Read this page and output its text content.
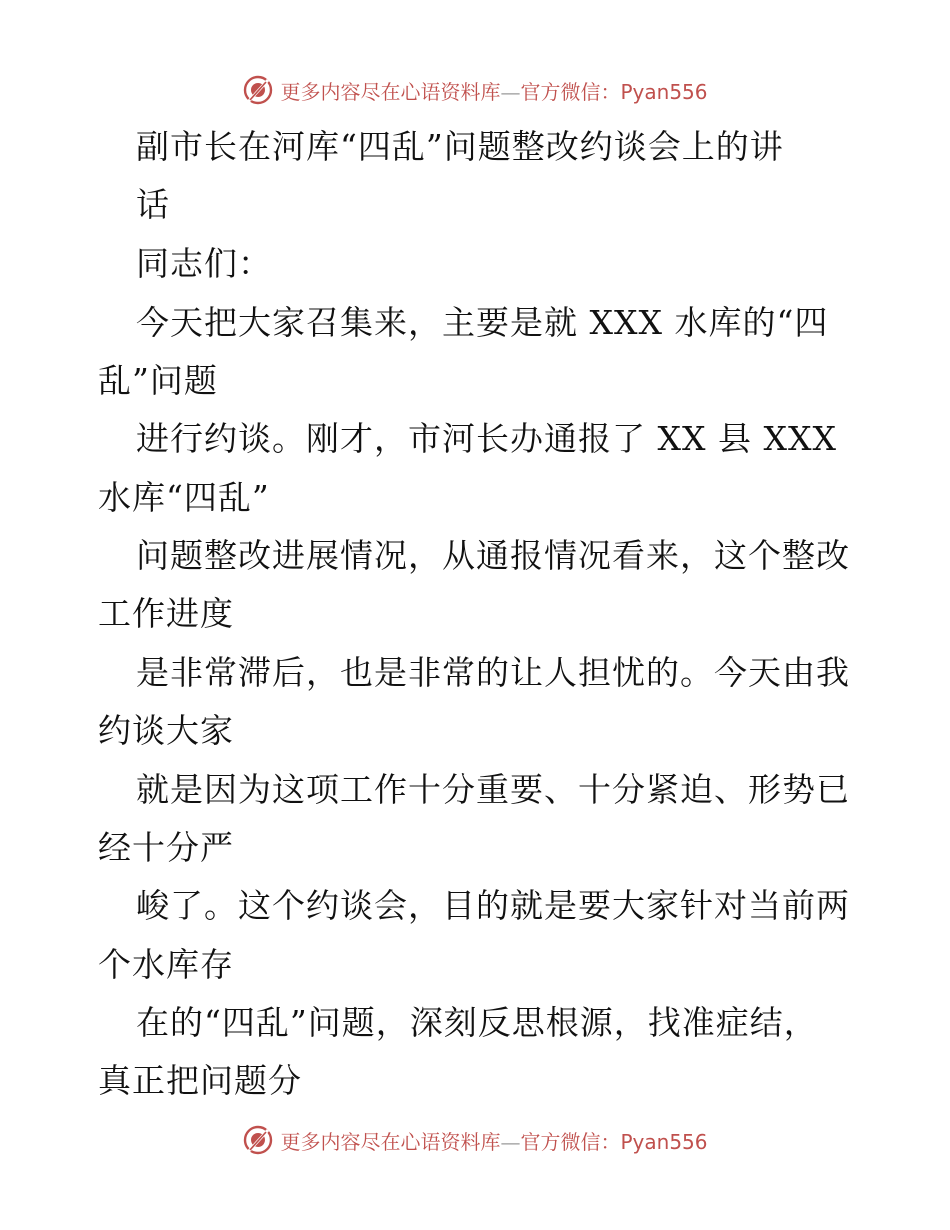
更多内容尽在心语资料库—官方微信：Pyan556
副市长在河库“四乱”问题整改约谈会上的讲
话
同志们：
今天把大家召集来，主要是就 XXX 水库的“四
乱”问题
进行约谈。刚才，市河长办通报了 XX 县 XXX
水库“四乱”
问题整改进展情况，从通报情况看来，这个整改
工作进度
是非常滞后，也是非常的让人担忧的。今天由我
约谈大家
就是因为这项工作十分重要、十分紧迫、形势已
经十分严
峻了。这个约谈会，目的就是要大家针对当前两
个水库存
在的“四乱”问题，深刻反思根源，找准症结，
真正把问题分
更多内容尽在心语资料库—官方微信：Pyan556
